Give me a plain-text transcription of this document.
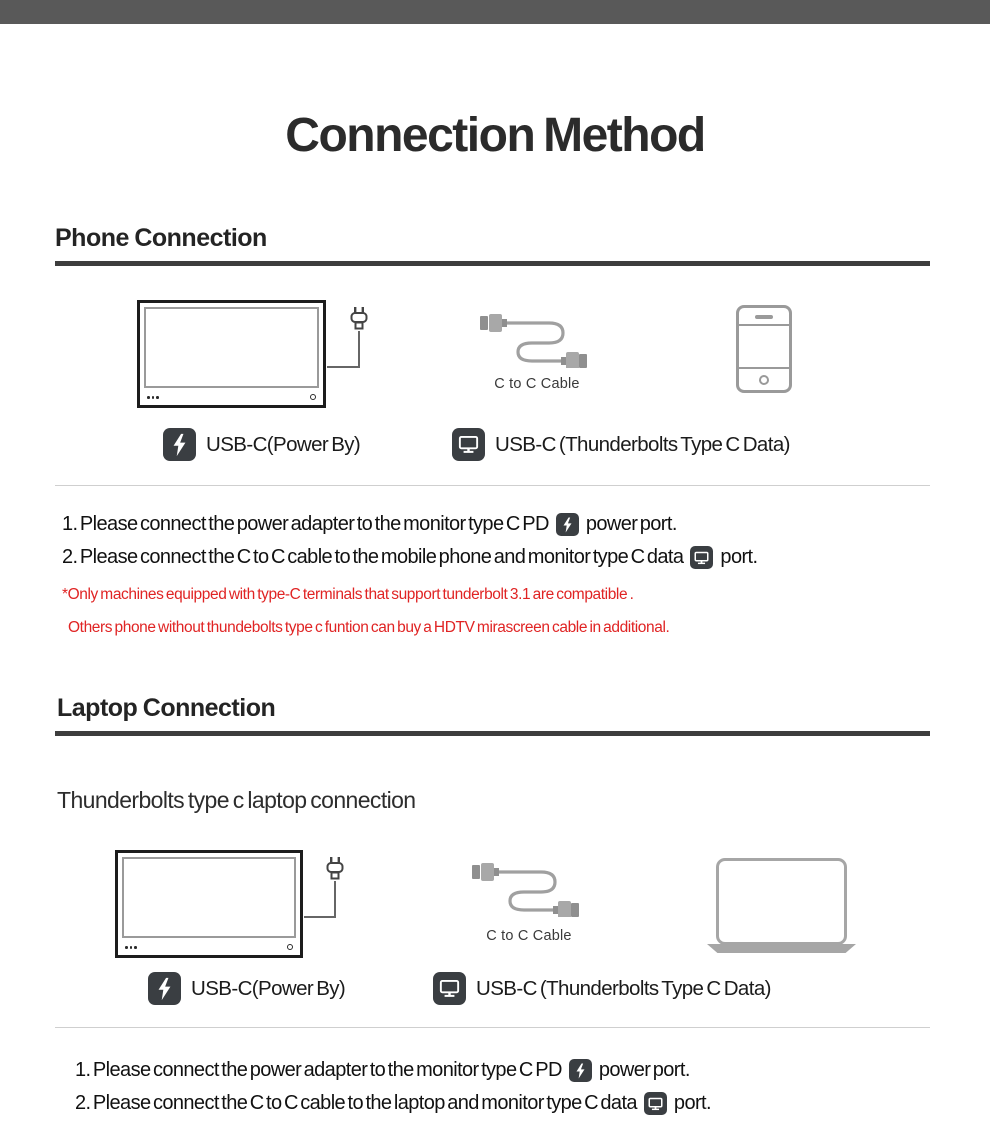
Connection Method
Phone Connection
C to C Cable
USB-C(Power By)	USB-C (Thunderbolts Type C Data)
1. Please connect the power adapter to the monitor type C PD power port.
2. Please connect the C to C cable to the mobile phone and monitor type C data port.
*Only machines equipped with type-C terminals that support tunderbolt 3.1 are compatible .
Others phone without thundebolts type c funtion can buy a HDTV mirascreen cable in additional.
Laptop Connection
Thunderbolts type c laptop connection
C to C Cable
USB-C(Power By)	USB-C (Thunderbolts Type C Data)
1. Please connect the power adapter to the monitor type C PD power port.
2. Please connect the C to C cable to the laptop and monitor type C data port.
